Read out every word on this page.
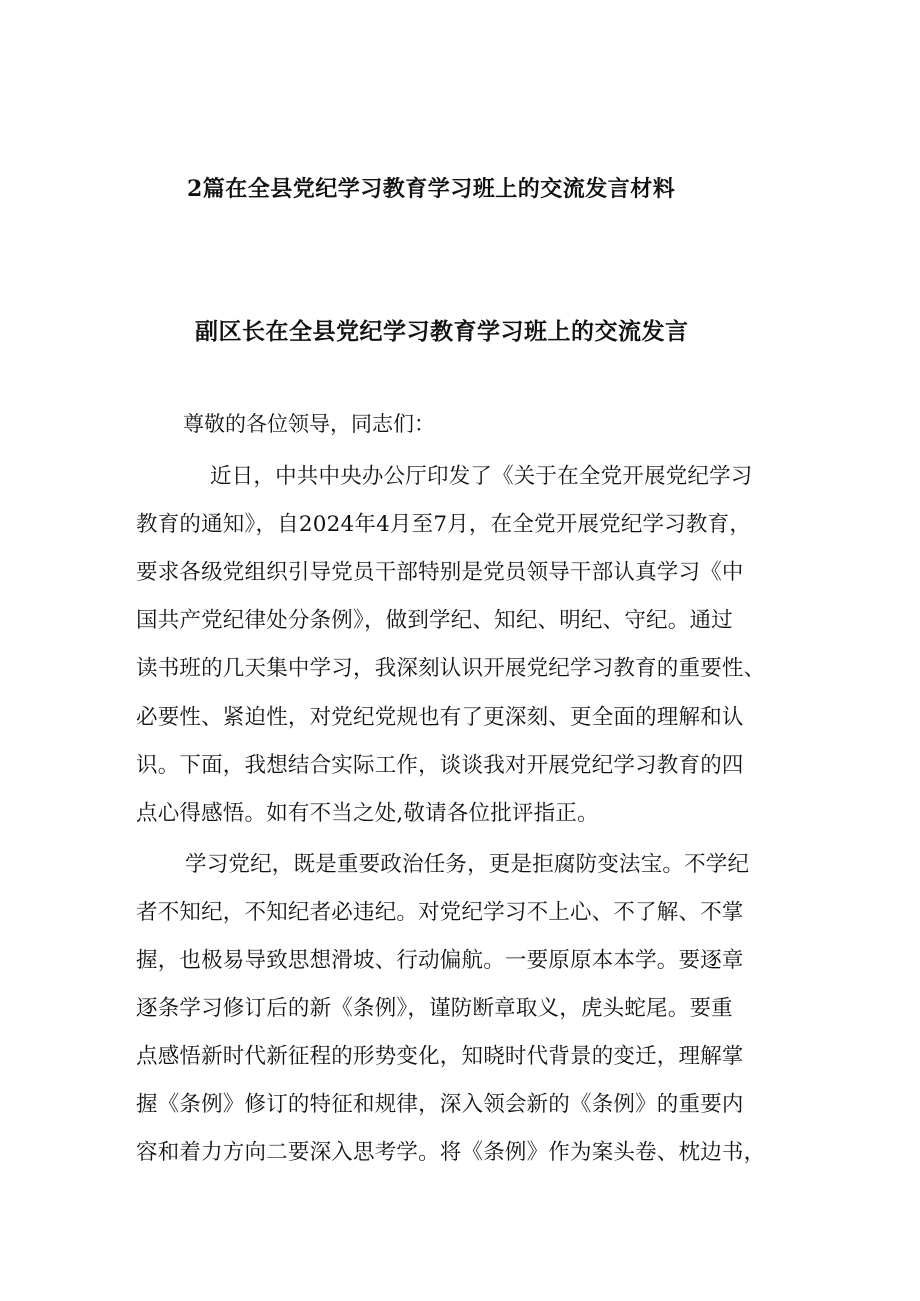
2篇在全县党纪学习教育学习班上的交流发言材料
副区长在全县党纪学习教育学习班上的交流发言
尊敬的各位领导，同志们：
近日，中共中央办公厅印发了《关于在全党开展党纪学习
教育的通知》，自2024年4月至7月，在全党开展党纪学习教育，
要求各级党组织引导党员干部特别是党员领导干部认真学习《中
国共产党纪律处分条例》，做到学纪、知纪、明纪、守纪。通过
读书班的几天集中学习，我深刻认识开展党纪学习教育的重要性、
必要性、紧迫性，对党纪党规也有了更深刻、更全面的理解和认
识。下面，我想结合实际工作，谈谈我对开展党纪学习教育的四
点心得感悟。如有不当之处,敬请各位批评指正。
学习党纪，既是重要政治任务，更是拒腐防变法宝。不学纪
者不知纪，不知纪者必违纪。对党纪学习不上心、不了解、不掌
握，也极易导致思想滑坡、行动偏航。一要原原本本学。要逐章
逐条学习修订后的新《条例》，谨防断章取义，虎头蛇尾。要重
点感悟新时代新征程的形势变化，知晓时代背景的变迁，理解掌
握《条例》修订的特征和规律，深入领会新的《条例》的重要内
容和着力方向二要深入思考学。将《条例》作为案头卷、枕边书，
